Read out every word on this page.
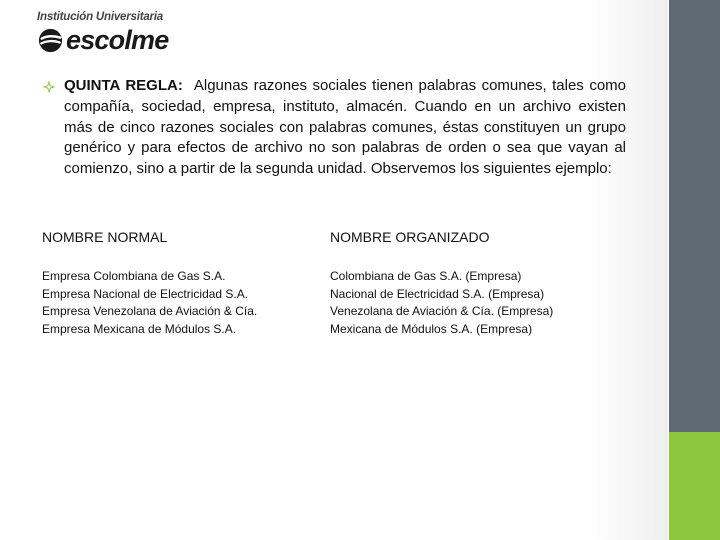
Institución Universitaria
escolme
QUINTA REGLA: Algunas razones sociales tienen palabras comunes, tales como compañía, sociedad, empresa, instituto, almacén. Cuando en un archivo existen más de cinco razones sociales con palabras comunes, éstas constituyen un grupo genérico y para efectos de archivo no son palabras de orden o sea que vayan al comienzo, sino a partir de la segunda unidad. Observemos los siguientes ejemplo:
NOMBRE NORMAL
Empresa Colombiana de Gas S.A.
Empresa Nacional de Electricidad S.A.
Empresa Venezolana de Aviación & Cía.
Empresa Mexicana de Módulos S.A.
NOMBRE ORGANIZADO
Colombiana de Gas S.A. (Empresa)
Nacional de Electricidad S.A. (Empresa)
Venezolana de Aviación & Cía. (Empresa)
Mexicana de Módulos S.A. (Empresa)
